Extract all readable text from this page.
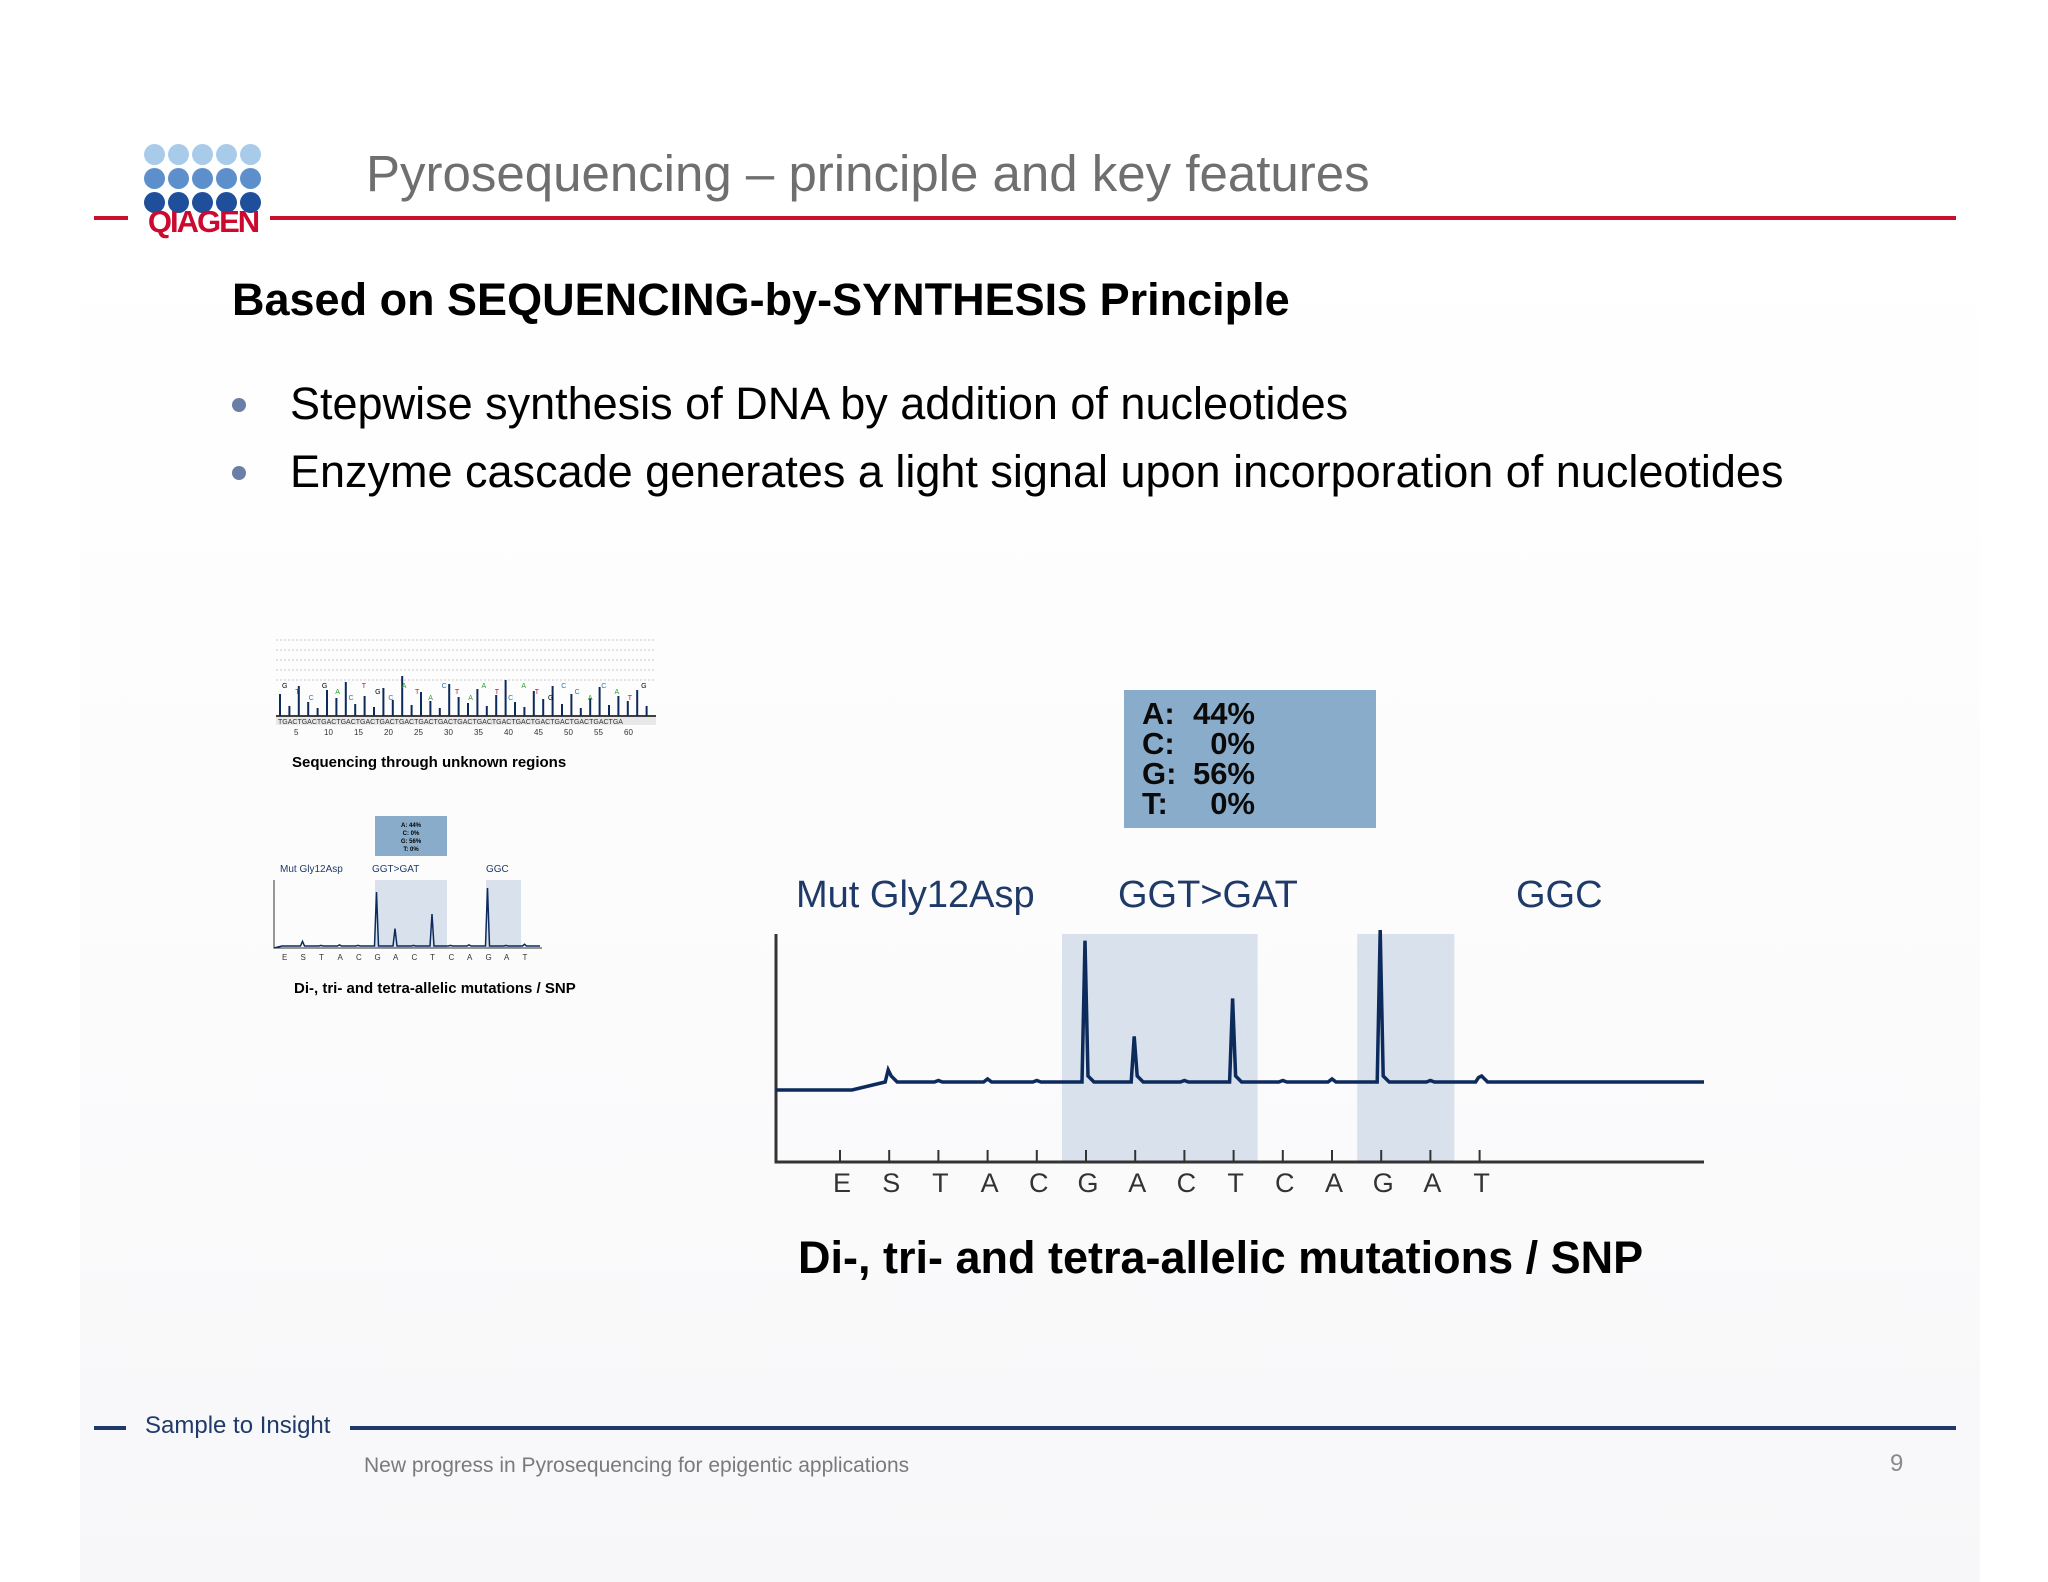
QIAGEN
Pyrosequencing – principle and key features
Based on SEQUENCING-by-SYNTHESIS Principle
Stepwise synthesis of DNA by addition of nucleotides
Enzyme cascade generates a light signal upon incorporation of nucleotides
G
T
C
G
A
C
T
G
C
A
T
A
C
T
A
A
T
C
A
T
G
C
C
A
C
A
T
G
TGACTGACTGACTGACTGACTGACTGACTGACTGACTGACTGACTGACTGACTGACTGACTGACTGACTGA
5	10	15	20	25	30	35	40	45	50	55	60
Sequencing through unknown regions
A: 44%
C: 0%
G: 56%
T: 0%
Mut Gly12Asp	GGT>GAT	GGC
E S T A C G A C T C A G A T
Di-, tri- and tetra-allelic mutations / SNP
A: 44%
C: 0%
G: 56%
T: 0%
Mut Gly12Asp GGT>GAT	GGC
E S T A C G A C T C A G A T
Di-, tri- and tetra-allelic mutations / SNP
Sample to Insight
New progress in Pyrosequencing for epigentic applications	9
